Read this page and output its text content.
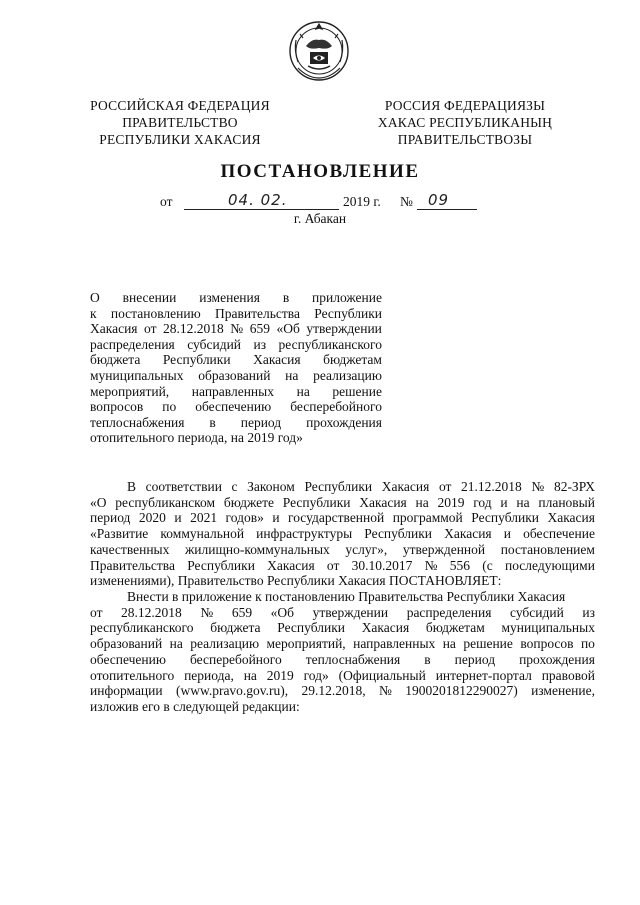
РОССИЙСКАЯ ФЕДЕРАЦИЯ
ПРАВИТЕЛЬСТВО
РЕСПУБЛИКИ ХАКАСИЯ
РОССИЯ ФЕДЕРАЦИЯЗЫ
ХАКАС РЕСПУБЛИКАНЫҢ
ПРАВИТЕЛЬСТВОЗЫ
ПОСТАНОВЛЕНИЕ
от	04. 02.	2019 г. № 09
г. Абакан
О внесении изменения в приложение
к постановлению Правительства Республики
Хакасия от 28.12.2018 № 659 «Об утверждении
распределения субсидий из республиканского
бюджета Республики Хакасия бюджетам
муниципальных образований на реализацию
мероприятий, направленных на решение
вопросов по обеспечению бесперебойного
теплоснабжения в период прохождения
отопительного периода, на 2019 год»
В соответствии с Законом Республики Хакасия от 21.12.2018 № 82-ЗРХ
«О республиканском бюджете Республики Хакасия на 2019 год и на плановый
период 2020 и 2021 годов» и государственной программой Республики Хакасия
«Развитие коммунальной инфраструктуры Республики Хакасия и обеспечение
качественных жилищно-коммунальных услуг», утвержденной постановлением
Правительства Республики Хакасия от 30.10.2017 № 556 (с последующими
изменениями), Правительство Республики Хакасия ПОСТАНОВЛЯЕТ:
Внести в приложение к постановлению Правительства Республики Хакасия
от 28.12.2018 № 659 «Об утверждении распределения субсидий из
республиканского бюджета Республики Хакасия бюджетам муниципальных
образований на реализацию мероприятий, направленных на решение вопросов по
обеспечению бесперебойного теплоснабжения в период прохождения
отопительного периода, на 2019 год» (Официальный интернет-портал правовой
информации (www.pravo.gov.ru), 29.12.2018, № 1900201812290027) изменение,
изложив его в следующей редакции:
